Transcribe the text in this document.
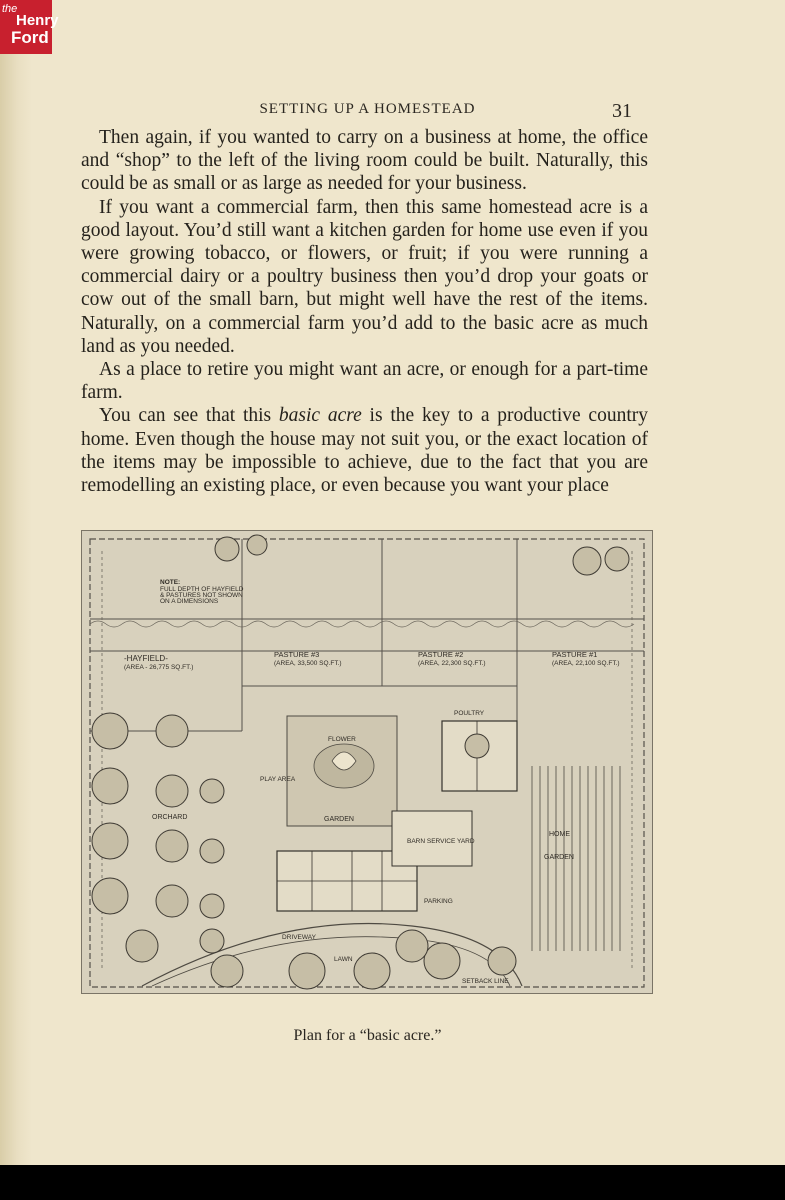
the
Henry
Ford
SETTING UP A HOMESTEAD	31

Then again, if you wanted to carry on a business at home, the office and “shop” to the left of the living room could be built. Naturally, this could be as small or as large as needed for your business.

If you want a commercial farm, then this same homestead acre is a good layout. You’d still want a kitchen garden for home use even if you were growing tobacco, or flowers, or fruit; if you were running a commercial dairy or a poultry business then you’d drop your goats or cow out of the small barn, but might well have the rest of the items. Naturally, on a commercial farm you’d add to the basic acre as much land as you needed.

As a place to retire you might want an acre, or enough for a part-time farm.

You can see that this basic acre is the key to a productive country home. Even though the house may not suit you, or the exact location of the items may be impossible to achieve, due to the fact that you are remodelling an existing place, or even because you want your place

NOTE:
FULL DEPTH OF HAYFIELD
& PASTURES NOT SHOWN
ON A DIMENSIONS
-HAYFIELD-
(AREA - 26,775 SQ.FT.)
PASTURE #3
(AREA, 33,500 SQ.FT.)
PASTURE #2
(AREA, 22,300 SQ.FT.)
PASTURE #1
(AREA, 22,100 SQ.FT.)
ORCHARD	GARDEN
FLOWER
PLAY AREA
BARN SERVICE YARD
HOME
GARDEN
PARKING
LAWN
DRIVEWAY
POULTRY
SETBACK LINE
Plan for a “basic acre.”
